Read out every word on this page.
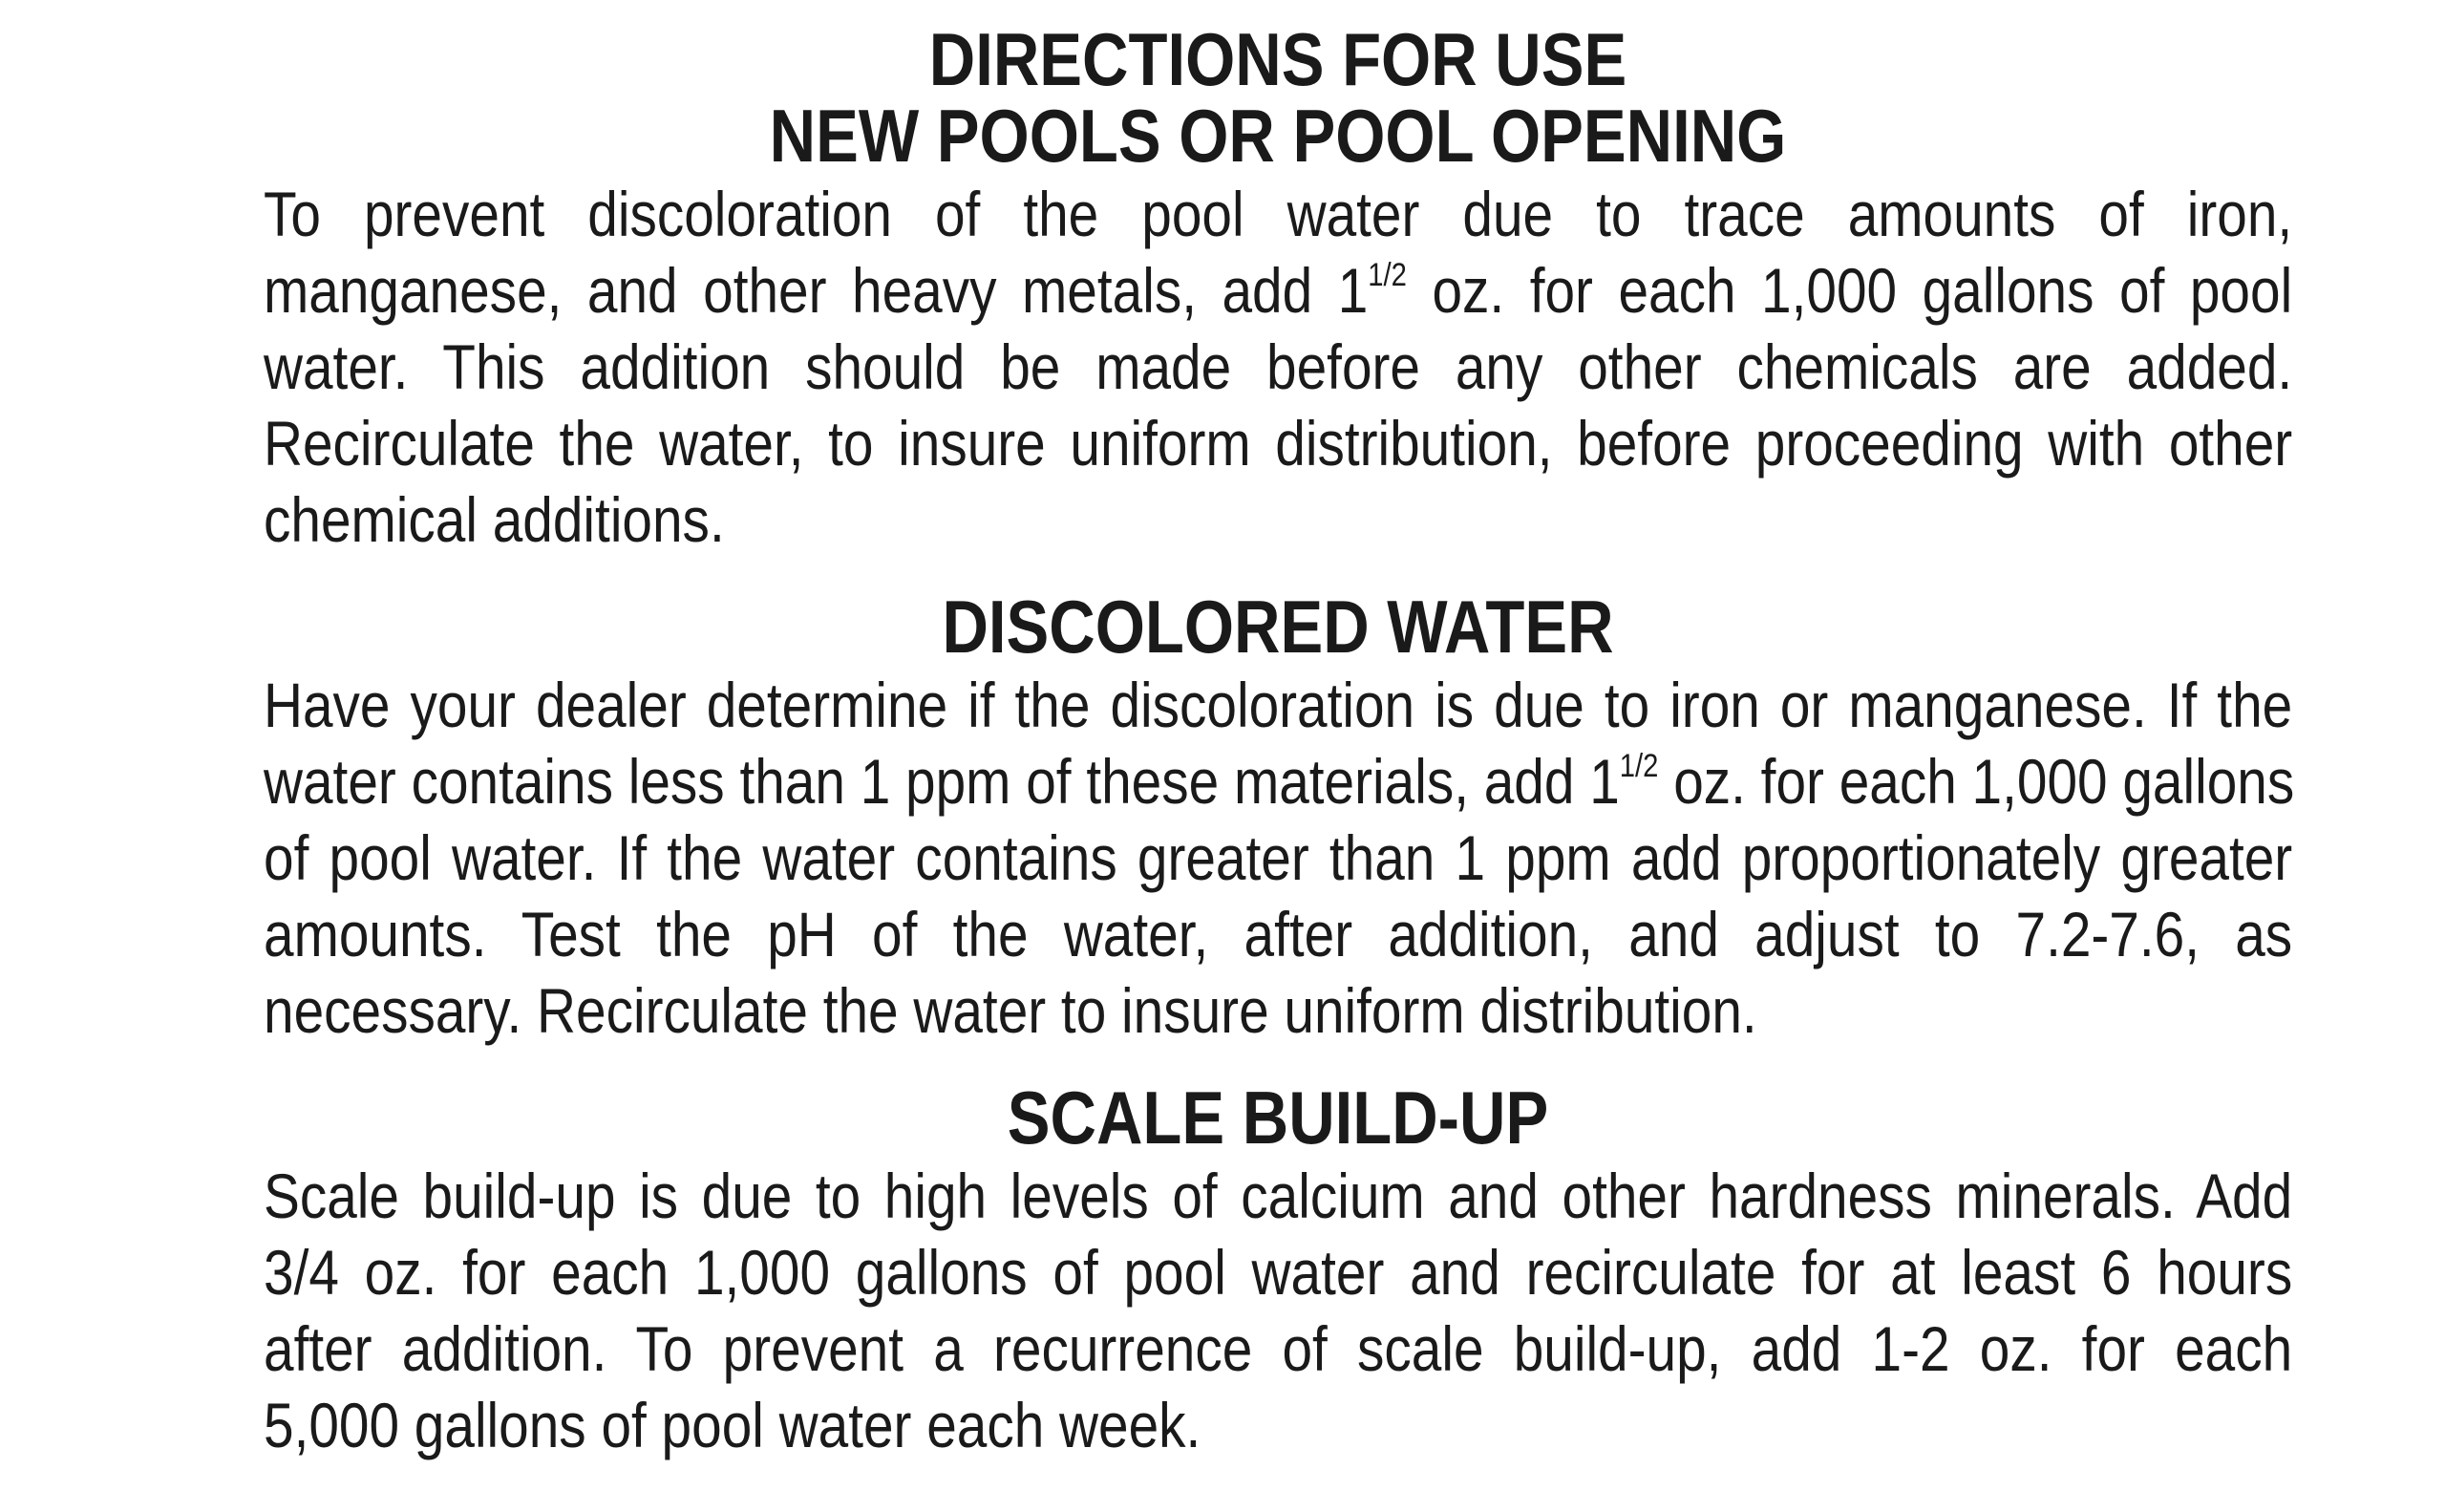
DIRECTIONS FOR USE
NEW POOLS OR POOL OPENING
To prevent discoloration of the pool water due to trace amounts of iron,
manganese, and other heavy metals, add $1^{1/2}$ oz. for each 1,000 gallons of pool
water. This addition should be made before any other chemicals are added.
Recirculate the water, to insure uniform distribution, before proceeding with other
chemical additions.
DISCOLORED WATER
Have your dealer determine if the discoloration is due to iron or manganese. If the
water contains less than 1 ppm of these materials, add $1^{1/2}$ oz. for each 1,000 gallons
of pool water. If the water contains greater than 1 ppm add proportionately greater
amounts. Test the pH of the water, after addition, and adjust to 7.2-7.6, as
necessary. Recirculate the water to insure uniform distribution.
SCALE BUILD-UP
Scale build-up is due to high levels of calcium and other hardness minerals. Add
3/4 oz. for each 1,000 gallons of pool water and recirculate for at least 6 hours
after addition. To prevent a recurrence of scale build-up, add 1-2 oz. for each
5,000 gallons of pool water each week.
